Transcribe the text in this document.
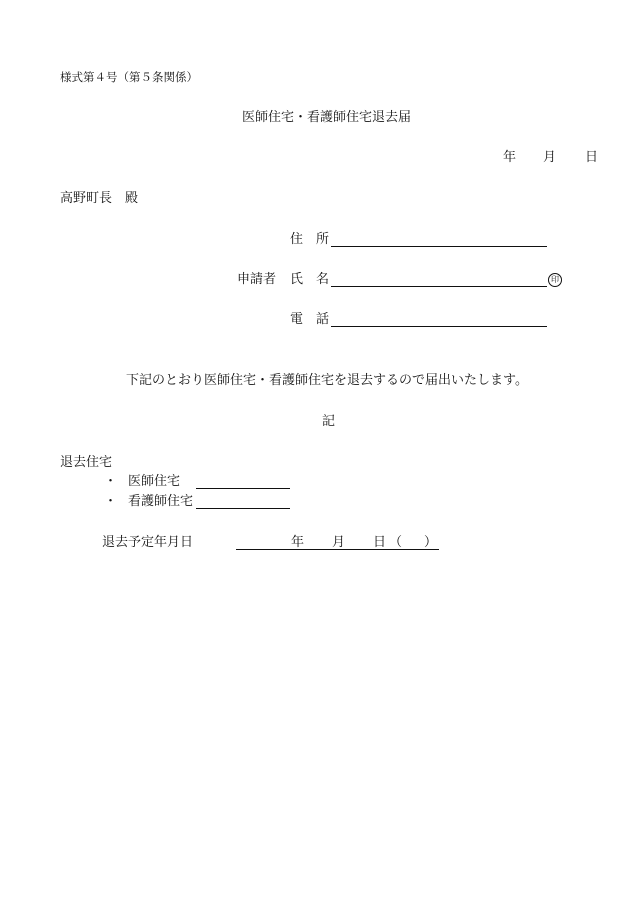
様式第４号（第５条関係）
医師住宅・看護師住宅退去届
年 月 日
高野町長　殿
住　所
申請者 氏　名	印
電　話
下記のとおり医師住宅・看護師住宅を退去するので届出いたします。
記
退去住宅
・ 医師住宅
・ 看護師住宅
退去予定年月日	年 月 日 （ ）
